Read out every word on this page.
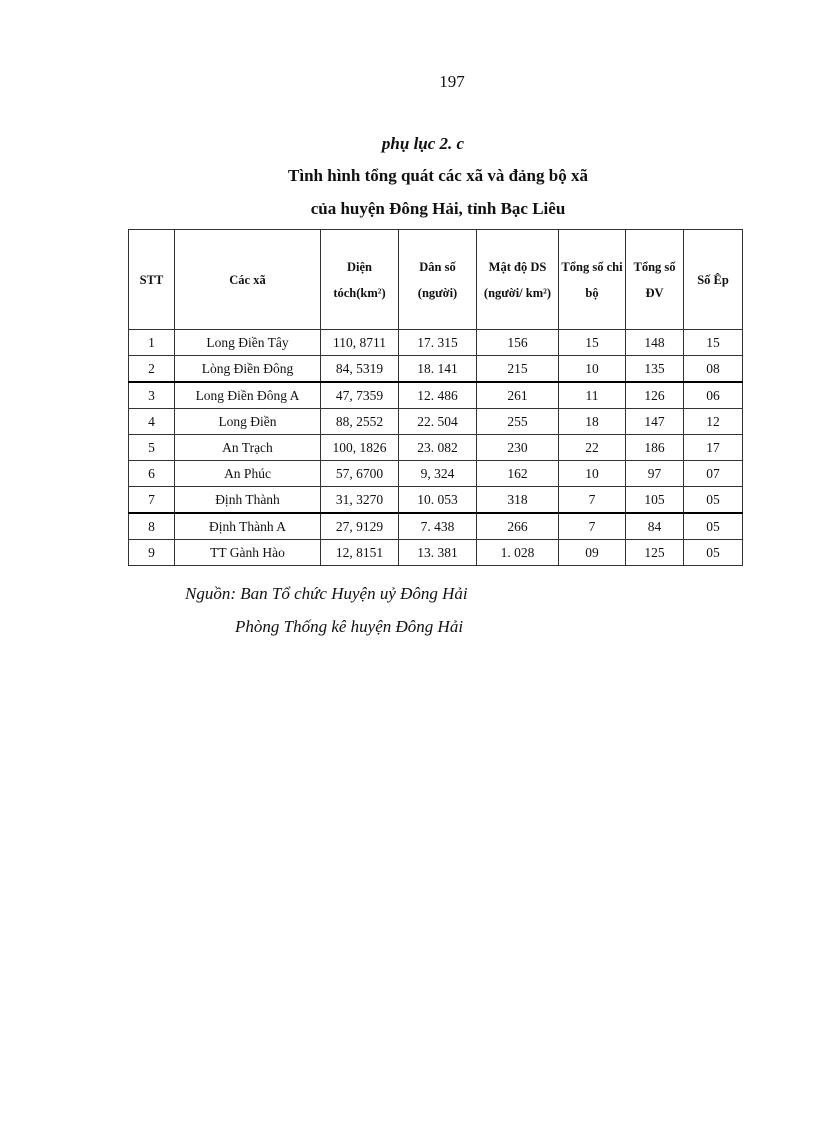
197
phụ lục 2. c
Tình hình tổng quát các xã và đảng bộ xã
của huyện Đông Hải, tỉnh Bạc Liêu
STT	Các xã	Diện tóch(km²)	Dân số (người)	Mật độ DS (người/ km²)	Tổng số chi bộ	Tổng số ĐV	Số Êp
1	Long Điền Tây	110, 8711	17. 315	156	15	148	15
2	Lòng Điền Đông	84, 5319	18. 141	215	10	135	08
3	Long Điền Đông A	47, 7359	12. 486	261	11	126	06
4	Long Điền	88, 2552	22. 504	255	18	147	12
5	An Trạch	100, 1826	23. 082	230	22	186	17
6	An Phúc	57, 6700	9, 324	162	10	97	07
7	Định Thành	31, 3270	10. 053	318	7	105	05
8	Định Thành A	27, 9129	7. 438	266	7	84	05
9	TT Gành Hào	12, 8151	13. 381	1. 028	09	125	05
Nguồn: Ban Tổ chức Huyện uỷ Đông Hải
Phòng Thống kê huyện Đông Hải
